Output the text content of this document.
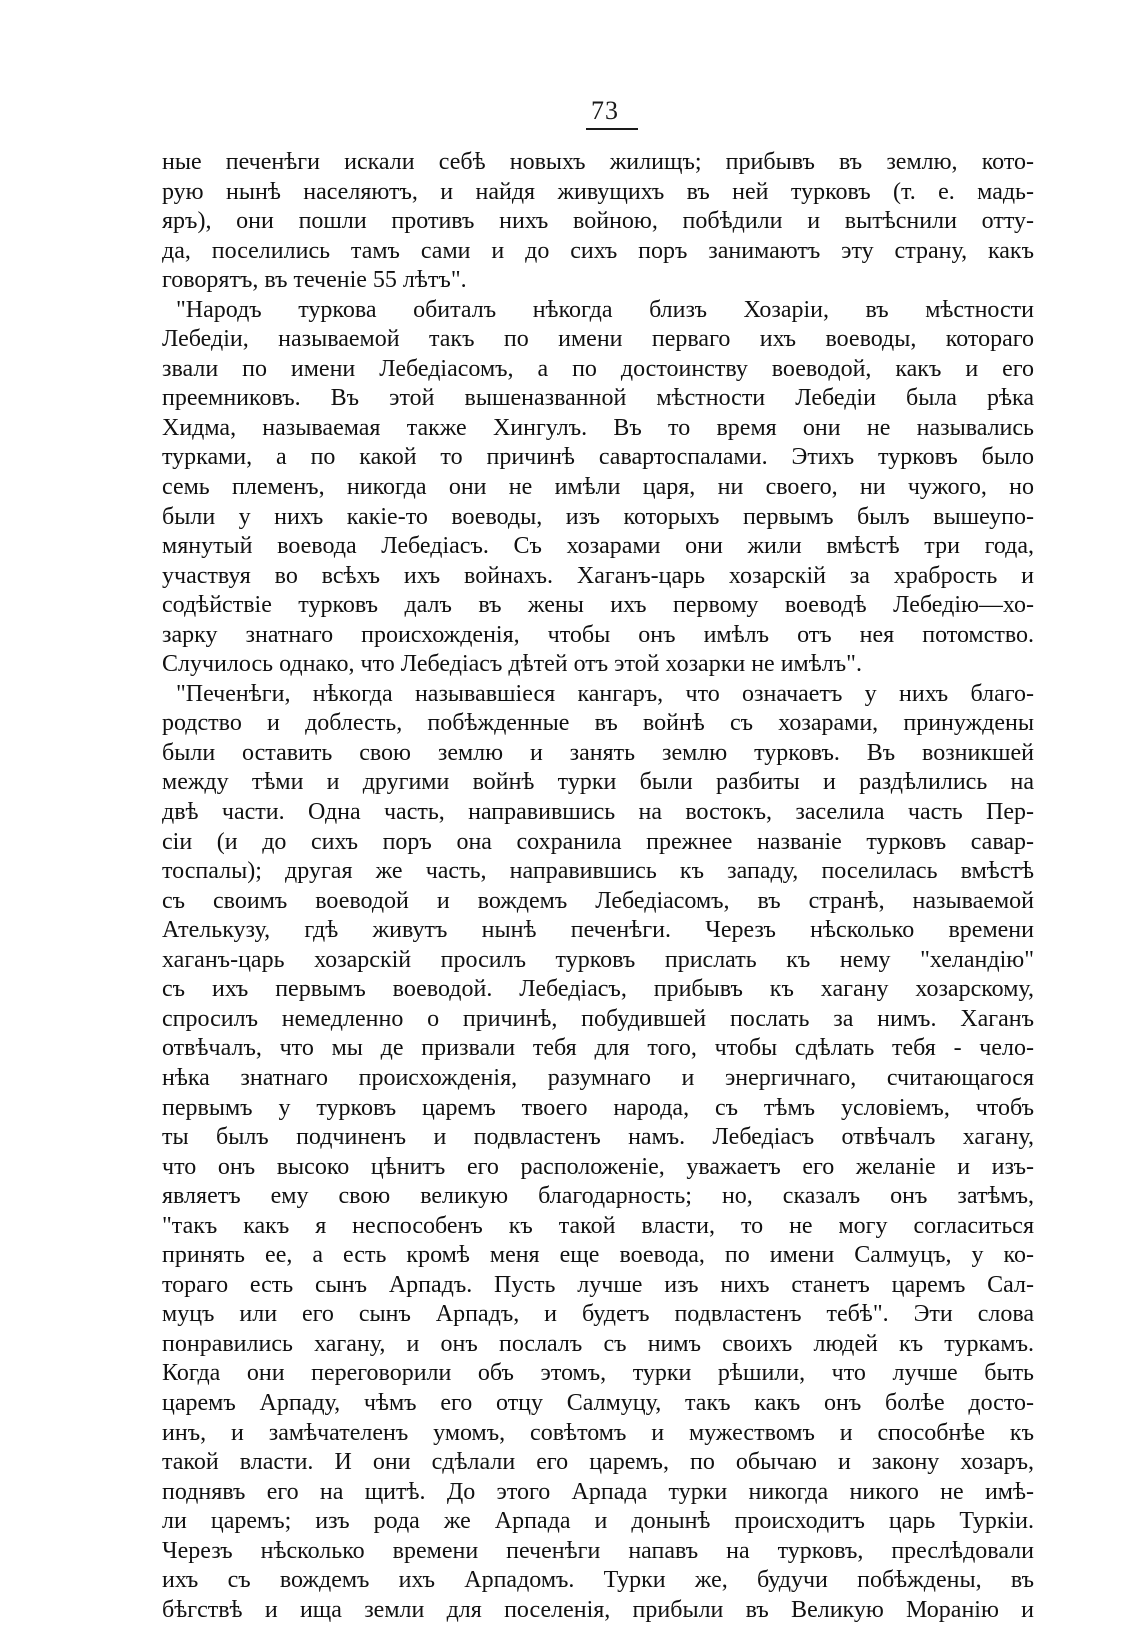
73
ные печенѣги искали себѣ новыхъ жилищъ; прибывъ въ землю, кото-
рую нынѣ населяютъ, и найдя живущихъ въ ней турковъ (т. е. мадь-
яръ), они пошли противъ нихъ войною, побѣдили и вытѣснили отту-
да, поселились тамъ сами и до сихъ поръ занимаютъ эту страну, какъ
говорятъ, въ теченіе 55 лѣтъ".
"Народъ туркова обиталъ нѣкогда близъ Хозаріи, въ мѣстности
Лебедіи, называемой такъ по имени перваго ихъ воеводы, котораго
звали по имени Лебедіасомъ, а по достоинству воеводой, какъ и его
преемниковъ. Въ этой вышеназванной мѣстности Лебедіи была рѣка
Хидма, называемая также Хингулъ. Въ то время они не назывались
турками, а по какой то причинѣ савартоспалами. Этихъ турковъ было
семь племенъ, никогда они не имѣли царя, ни своего, ни чужого, но
были у нихъ какіе-то воеводы, изъ которыхъ первымъ былъ вышеупо-
мянутый воевода Лебедіасъ. Съ хозарами они жили вмѣстѣ три года,
участвуя во всѣхъ ихъ войнахъ. Хаганъ-царь хозарскій за храбрость и
содѣйствіе турковъ далъ въ жены ихъ первому воеводѣ Лебедію—хо-
зарку знатнаго происхожденія, чтобы онъ имѣлъ отъ нея потомство.
Случилось однако, что Лебедіасъ дѣтей отъ этой хозарки не имѣлъ".
"Печенѣги, нѣкогда называвшіеся кангаръ, что означаетъ у нихъ благо-
родство и доблесть, побѣжденные въ войнѣ съ хозарами, принуждены
были оставить свою землю и занять землю турковъ. Въ возникшей
между тѣми и другими войнѣ турки были разбиты и раздѣлились на
двѣ части. Одна часть, направившись на востокъ, заселила часть Пер-
сіи (и до сихъ поръ она сохранила прежнее названіе турковъ савар-
тоспалы); другая же часть, направившись къ западу, поселилась вмѣстѣ
съ своимъ воеводой и вождемъ Лебедіасомъ, въ странѣ, называемой
Ателькузу, гдѣ живутъ нынѣ печенѣги. Черезъ нѣсколько времени
хаганъ-царь хозарскій просилъ турковъ прислать къ нему "хеландію"
съ ихъ первымъ воеводой. Лебедіасъ, прибывъ къ хагану хозарскому,
спросилъ немедленно о причинѣ, побудившей послать за нимъ. Хаганъ
отвѣчалъ, что мы де призвали тебя для того, чтобы сдѣлать тебя - чело-
нѣка знатнаго происхожденія, разумнаго и энергичнаго, считающагося
первымъ у турковъ царемъ твоего народа, съ тѣмъ условіемъ, чтобъ
ты былъ подчиненъ и подвластенъ намъ. Лебедіасъ отвѣчалъ хагану,
что онъ высоко цѣнитъ его расположеніе, уважаетъ его желаніе и изъ-
являетъ ему свою великую благодарность; но, сказалъ онъ затѣмъ,
"такъ какъ я неспособенъ къ такой власти, то не могу согласиться
принять ее, а есть кромѣ меня еще воевода, по имени Салмуцъ, у ко-
тораго есть сынъ Арпадъ. Пусть лучше изъ нихъ станетъ царемъ Сал-
муцъ или его сынъ Арпадъ, и будетъ подвластенъ тебѣ". Эти слова
понравились хагану, и онъ послалъ съ нимъ своихъ людей къ туркамъ.
Когда они переговорили объ этомъ, турки рѣшили, что лучше быть
царемъ Арпаду, чѣмъ его отцу Салмуцу, такъ какъ онъ болѣе досто-
инъ, и замѣчателенъ умомъ, совѣтомъ и мужествомъ и способнѣе къ
такой власти. И они сдѣлали его царемъ, по обычаю и закону хозаръ,
поднявъ его на щитѣ. До этого Арпада турки никогда никого не имѣ-
ли царемъ; изъ рода же Арпада и донынѣ происходитъ царь Туркіи.
Черезъ нѣсколько времени печенѣги напавъ на турковъ, преслѣдовали
ихъ съ вождемъ ихъ Арпадомъ. Турки же, будучи побѣждены, въ
бѣгствѣ и ища земли для поселенія, прибыли въ Великую Моранію и
